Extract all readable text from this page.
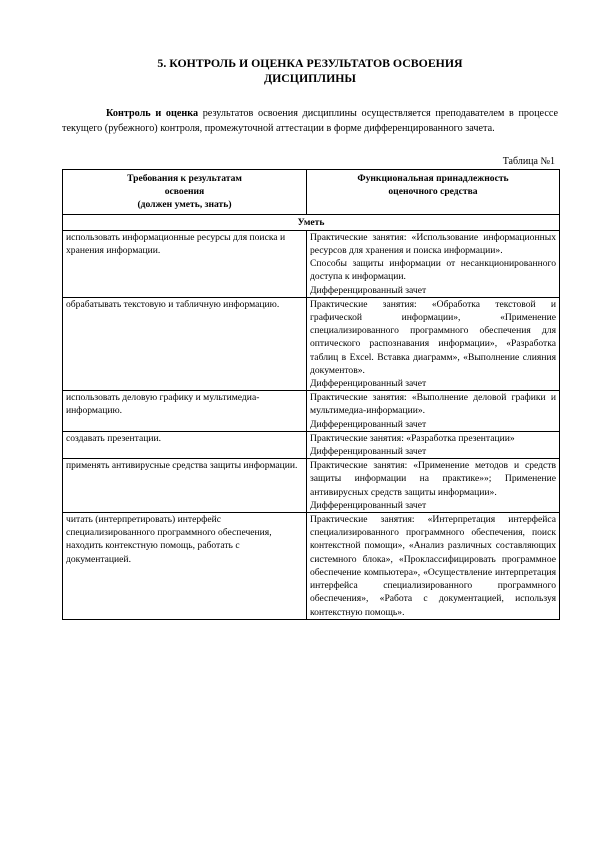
5. КОНТРОЛЬ И ОЦЕНКА РЕЗУЛЬТАТОВ ОСВОЕНИЯ
ДИСЦИПЛИНЫ
Контроль и оценка результатов освоения дисциплины осуществляется преподавателем в процессе текущего (рубежного) контроля, промежуточной аттестации в форме дифференцированного зачета.
Таблица №1
Требования к результатам
освоения
(должен уметь, знать)	Функциональная принадлежность
оценочного средства

Уметь	
использовать информационные ресурсы для поиска и хранения информации.	Практические занятия: «Использование информационных ресурсов для хранения и поиска информации».
Способы защиты информации от несанкционированного доступа к информации.
Дифференцированный зачет

обрабатывать текстовую и табличную информацию.	Практические занятия: «Обработка текстовой и графической информации», «Применение специализированного программного обеспечения для оптического распознавания информации», «Разработка таблиц в Excel. Вставка диаграмм», «Выполнение слияния документов».
Дифференцированный зачет

использовать деловую графику и мультимедиа-информацию.	Практические занятия: «Выполнение деловой графики и мультимедиа-информации».
Дифференцированный зачет

создавать презентации.	Практические занятия: «Разработка презентации»
Дифференцированный зачет

применять антивирусные средства защиты информации.	Практические занятия: «Применение методов и средств защиты информации на практике»»; Применение антивирусных средств защиты информации».
Дифференцированный зачет

читать (интерпретировать) интерфейс специализированного программного обеспечения, находить контекстную помощь, работать с документацией.	Практические занятия: «Интерпретация интерфейса специализированного программного обеспечения, поиск контекстной помощи», «Анализ различных составляющих системного блока», «Проклассифицировать программное обеспечение компьютера», «Осуществление интерпретация интерфейса специализированного программного обеспечения», «Работа с документацией, используя контекстную помощь».
